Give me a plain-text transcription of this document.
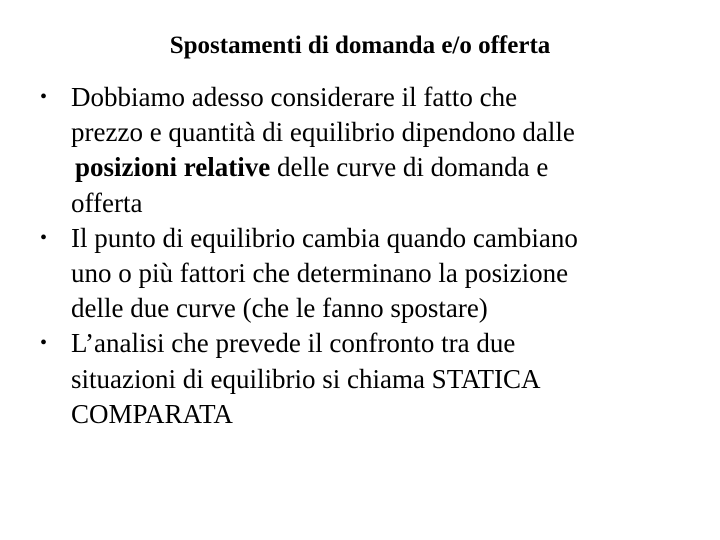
Spostamenti di domanda e/o offerta
• Dobbiamo adesso considerare il fatto che
prezzo e quantità di equilibrio dipendono dalle
posizioni relative delle curve di domanda e
offerta
• Il punto di equilibrio cambia quando cambiano
uno o più fattori che determinano la posizione
delle due curve (che le fanno spostare)
• L’analisi che prevede il confronto tra due
situazioni di equilibrio si chiama STATICA
COMPARATA
